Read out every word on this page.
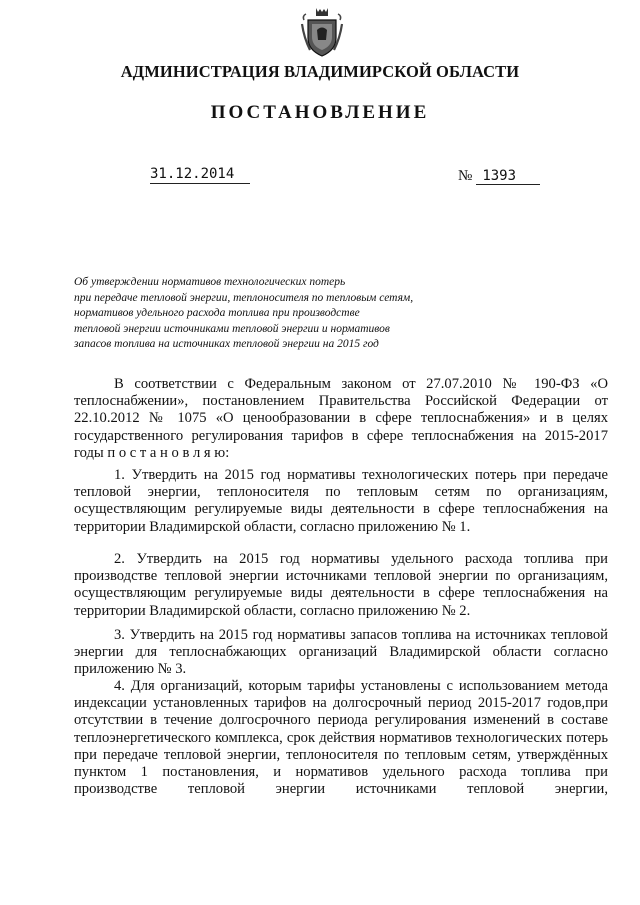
АДМИНИСТРАЦИЯ ВЛАДИМИРСКОЙ ОБЛАСТИ
ПОСТАНОВЛЕНИЕ
31.12.2014	№ 1393
Об утверждении нормативов технологических потерь
при передаче тепловой энергии, теплоносителя по тепловым сетям,
нормативов удельного расхода топлива при производстве
тепловой энергии источниками тепловой энергии и нормативов
запасов топлива на источниках тепловой энергии на 2015 год

В соответствии с Федеральным законом от 27.07.2010 № 190-ФЗ «О теплоснабжении», постановлением Правительства Российской Федерации от 22.10.2012 № 1075 «О ценообразовании в сфере теплоснабжения» и в целях государственного регулирования тарифов в сфере теплоснабжения на 2015-2017 годы п о с т а н о в л я ю:

1. Утвердить на 2015 год нормативы технологических потерь при передаче тепловой энергии, теплоносителя по тепловым сетям по организациям, осуществляющим регулируемые виды деятельности в сфере теплоснабжения на территории Владимирской области, согласно приложению № 1.

2. Утвердить на 2015 год нормативы удельного расхода топлива при производстве тепловой энергии источниками тепловой энергии по организациям, осуществляющим регулируемые виды деятельности в сфере теплоснабжения на территории Владимирской области, согласно приложению № 2.

3. Утвердить на 2015 год нормативы запасов топлива на источниках тепловой энергии для теплоснабжающих организаций Владимирской области согласно приложению № 3.

4. Для организаций, которым тарифы установлены с использованием метода индексации установленных тарифов на долгосрочный период 2015-2017 годов,при отсутствии в течение долгосрочного периода регулирования изменений в составе теплоэнергетического комплекса, срок действия нормативов технологических потерь при передаче тепловой энергии, теплоносителя по тепловым сетям, утверждённых пунктом 1 постановления, и нормативов удельного расхода топлива при производстве тепловой энергии источниками тепловой энергии,
